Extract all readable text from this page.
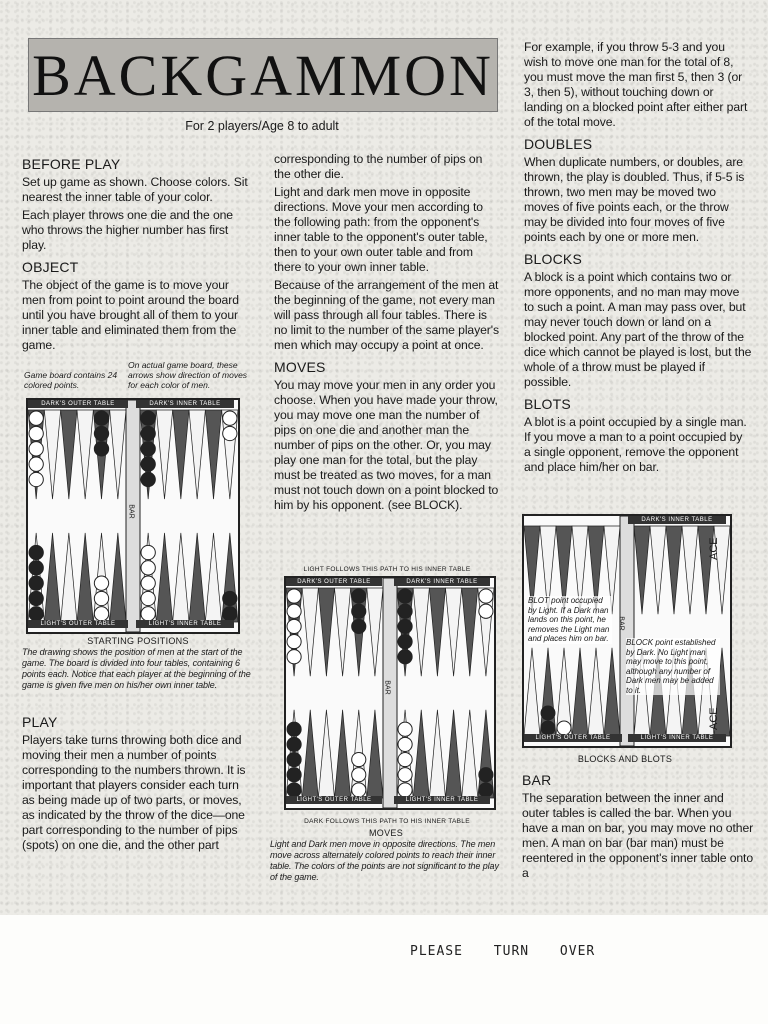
BACKGAMMON
For 2 players/Age 8 to adult
BEFORE PLAY

Set up game as shown. Choose colors. Sit nearest the inner table of your color.

Each player throws one die and the one who throws the higher number has first play.

OBJECT

The object of the game is to move your men from point to point around the board until you have brought all of them to your inner table and eliminated them from the game.

Game board contains 24 colored points.
On actual game board, these arrows show direction of moves for each color of men.
DARK'S OUTER TABLE	DARK'S INNER TABLE
LIGHT'S OUTER TABLE	LIGHT'S INNER TABLE
BAR
STARTING POSITIONS

The drawing shows the position of men at the start of the game. The board is divided into four tables, containing 6 points each. Notice that each player at the beginning of the game is given five men on his/her own inner table.

PLAY

Players take turns throwing both dice and moving their men a number of points corresponding to the numbers thrown. It is important that players consider each turn as being made up of two parts, or moves, as indicated by the throw of the dice—one part corresponding to the number of pips (spots) on one die, and the other part

corresponding to the number of pips on the other die.

Light and dark men move in opposite directions. Move your men according to the following path: from the opponent's inner table to the opponent's outer table, then to your own outer table and from there to your own inner table.

Because of the arrangement of the men at the beginning of the game, not every man will pass through all four tables. There is no limit to the number of the same player's men which may occupy a point at once.

MOVES

You may move your men in any order you choose. When you have made your throw, you may move one man the number of pips on one die and another man the number of pips on the other. Or, you may play one man for the total, but the play must be treated as two moves, for a man must not touch down on a point blocked to him by his opponent. (see BLOCK).

LIGHT FOLLOWS THIS PATH TO HIS INNER TABLE
DARK'S OUTER TABLE	DARK'S INNER TABLE
LIGHT'S OUTER TABLE	LIGHT'S INNER TABLE
BAR
DARK FOLLOWS THIS PATH TO HIS INNER TABLE
MOVES

Light and Dark men move in opposite directions. The men move across alternately colored points to reach their inner table. The colors of the points are not significant to the play of the game.

For example, if you throw 5-3 and you wish to move one man for the total of 8, you must move the man first 5, then 3 (or 3, then 5), without touching down or landing on a blocked point after either part of the total move.

DOUBLES

When duplicate numbers, or doubles, are thrown, the play is doubled. Thus, if 5-5 is thrown, two men may be moved two moves of five points each, or the throw may be divided into four moves of five points each by one or more men.

BLOCKS

A block is a point which contains two or more opponents, and no man may move to such a point. A man may pass over, but may never touch down or land on a blocked point. Any part of the throw of the dice which cannot be played is lost, but the whole of a throw must be played if possible.

BLOTS

A blot is a point occupied by a single man. If you move a man to a point occupied by a single opponent, remove the opponent and place him/her on bar.

DARK'S INNER TABLE
LIGHT'S OUTER TABLE	LIGHT'S INNER TABLE
BAR
ACE
ACE
BLOT point occupied by Light. If a Dark man lands on this point, he removes the Light man and places him on bar.	BLOCK point established by Dark. No Light man may move to this point, although any number of Dark men may be added to it.
BLOCKS AND BLOTS
BAR

The separation between the inner and outer tables is called the bar. When you have a man on bar, you may move no other men. A man on bar (bar man) must be reentered in the opponent's inner table onto a

PLEASE TURN OVER
